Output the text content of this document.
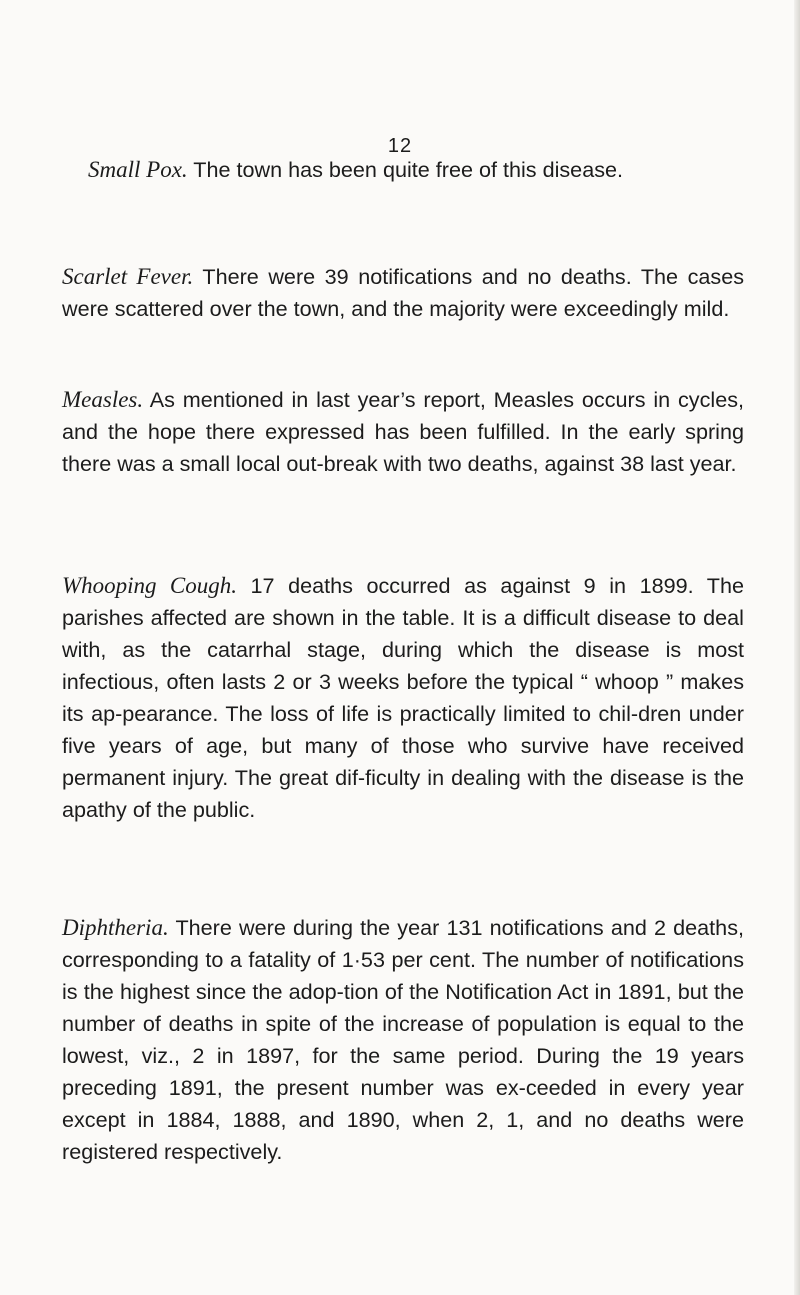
12

Small Pox. The town has been quite free of this disease.

Scarlet Fever. There were 39 notifications and no deaths. The cases were scattered over the town, and the majority were exceedingly mild.

Measles. As mentioned in last year’s report, Measles occurs in cycles, and the hope there expressed has been fulfilled. In the early spring there was a small local out-break with two deaths, against 38 last year.

Whooping Cough. 17 deaths occurred as against 9 in 1899. The parishes affected are shown in the table. It is a difficult disease to deal with, as the catarrhal stage, during which the disease is most infectious, often lasts 2 or 3 weeks before the typical “ whoop ” makes its ap-pearance. The loss of life is practically limited to chil-dren under five years of age, but many of those who survive have received permanent injury. The great dif-ficulty in dealing with the disease is the apathy of the public.

Diphtheria. There were during the year 131 notifications and 2 deaths, corresponding to a fatality of 1·53 per cent. The number of notifications is the highest since the adop-tion of the Notification Act in 1891, but the number of deaths in spite of the increase of population is equal to the lowest, viz., 2 in 1897, for the same period. During the 19 years preceding 1891, the present number was ex-ceeded in every year except in 1884, 1888, and 1890, when 2, 1, and no deaths were registered respectively.
